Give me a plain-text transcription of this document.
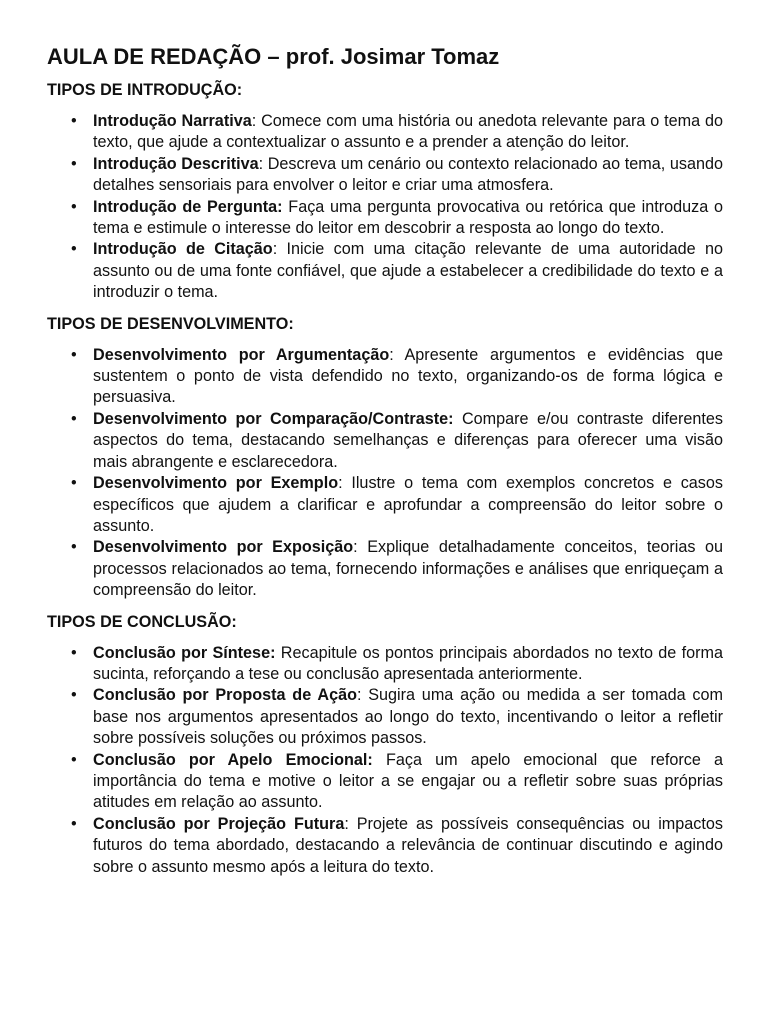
AULA DE REDAÇÃO – prof. Josimar Tomaz
TIPOS DE INTRODUÇÃO:
• Introdução Narrativa: Comece com uma história ou anedota relevante para o tema do texto, que ajude a contextualizar o assunto e a prender a atenção do leitor.
• Introdução Descritiva: Descreva um cenário ou contexto relacionado ao tema, usando detalhes sensoriais para envolver o leitor e criar uma atmosfera.
• Introdução de Pergunta: Faça uma pergunta provocativa ou retórica que introduza o tema e estimule o interesse do leitor em descobrir a resposta ao longo do texto.
• Introdução de Citação: Inicie com uma citação relevante de uma autoridade no assunto ou de uma fonte confiável, que ajude a estabelecer a credibilidade do texto e a introduzir o tema.
TIPOS DE DESENVOLVIMENTO:
• Desenvolvimento por Argumentação: Apresente argumentos e evidências que sustentem o ponto de vista defendido no texto, organizando-os de forma lógica e persuasiva.
• Desenvolvimento por Comparação/Contraste: Compare e/ou contraste diferentes aspectos do tema, destacando semelhanças e diferenças para oferecer uma visão mais abrangente e esclarecedora.
• Desenvolvimento por Exemplo: Ilustre o tema com exemplos concretos e casos específicos que ajudem a clarificar e aprofundar a compreensão do leitor sobre o assunto.
• Desenvolvimento por Exposição: Explique detalhadamente conceitos, teorias ou processos relacionados ao tema, fornecendo informações e análises que enriqueçam a compreensão do leitor.
TIPOS DE CONCLUSÃO:
• Conclusão por Síntese: Recapitule os pontos principais abordados no texto de forma sucinta, reforçando a tese ou conclusão apresentada anteriormente.
• Conclusão por Proposta de Ação: Sugira uma ação ou medida a ser tomada com base nos argumentos apresentados ao longo do texto, incentivando o leitor a refletir sobre possíveis soluções ou próximos passos.
• Conclusão por Apelo Emocional: Faça um apelo emocional que reforce a importância do tema e motive o leitor a se engajar ou a refletir sobre suas próprias atitudes em relação ao assunto.
• Conclusão por Projeção Futura: Projete as possíveis consequências ou impactos futuros do tema abordado, destacando a relevância de continuar discutindo e agindo sobre o assunto mesmo após a leitura do texto.
